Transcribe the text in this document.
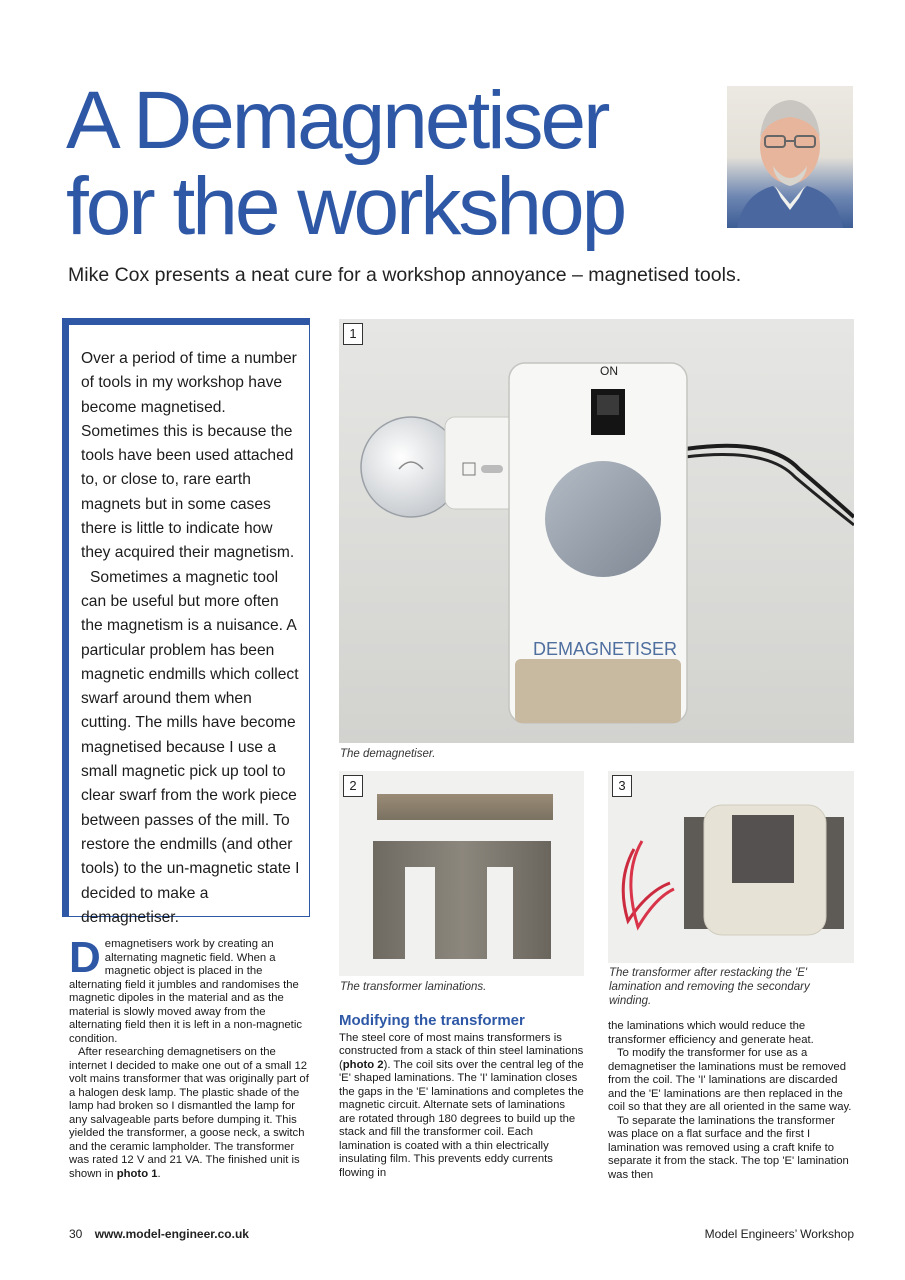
A Demagnetiser
for the workshop
Mike Cox presents a neat cure for a workshop annoyance – magnetised tools.

Over a period of time a number of tools in my workshop have become magnetised. Sometimes this is because the tools have been used attached to, or close to, rare earth magnets but in some cases there is little to indicate how they acquired their magnetism.

Sometimes a magnetic tool can be useful but more often the magnetism is a nuisance. A particular problem has been magnetic endmills which collect swarf around them when cutting. The mills have become magnetised because I use a small magnetic pick up tool to clear swarf from the work piece between passes of the mill. To restore the endmills (and other tools) to the un-magnetic state I decided to make a demagnetiser.

ON
DEMAGNETISER
1
The demagnetiser.
2
The transformer laminations.
3
The transformer after restacking the 'E' lamination and removing the secondary winding.

Demagnetisers work by creating an alternating magnetic field. When a magnetic object is placed in the alternating field it jumbles and randomises the magnetic dipoles in the material and as the material is slowly moved away from the alternating field then it is left in a non-magnetic condition.

After researching demagnetisers on the internet I decided to make one out of a small 12 volt mains transformer that was originally part of a halogen desk lamp. The plastic shade of the lamp had broken so I dismantled the lamp for any salvageable parts before dumping it. This yielded the transformer, a goose neck, a switch and the ceramic lampholder. The transformer was rated 12 V and 21 VA. The finished unit is shown in photo 1.

Modifying the transformer

The steel core of most mains transformers is constructed from a stack of thin steel laminations (photo 2). The coil sits over the central leg of the 'E' shaped laminations. The 'I' lamination closes the gaps in the 'E' laminations and completes the magnetic circuit. Alternate sets of laminations are rotated through 180 degrees to build up the stack and fill the transformer coil. Each lamination is coated with a thin electrically insulating film. This prevents eddy currents flowing in

the laminations which would reduce the transformer efficiency and generate heat.

To modify the transformer for use as a demagnetiser the laminations must be removed from the coil. The 'I' laminations are discarded and the 'E' laminations are then replaced in the coil so that they are all oriented in the same way.

To separate the laminations the transformer was place on a flat surface and the first I lamination was removed using a craft knife to separate it from the stack. The top 'E' lamination was then

30 www.model-engineer.co.uk	Model Engineers’ Workshop
